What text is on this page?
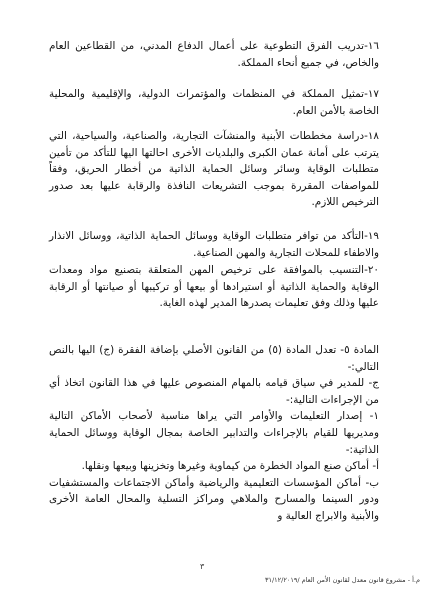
١٦-تدريب الفرق التطوعية على أعمال الدفاع المدني، من القطاعين العام والخاص، في جميع أنحاء المملكة.

١٧-تمثيل المملكة في المنظمات والمؤتمرات الدولية، والإقليمية والمحلية الخاصة بالأمن العام.

١٨-دراسة مخططات الأبنية والمنشآت التجارية، والصناعية، والسياحية، التي يترتب على أمانة عمان الكبرى والبلديات الأخرى احالتها اليها للتأكد من تأمين متطلبات الوقاية وسائر وسائل الحماية الذاتية من أخطار الحريق، وفقاً للمواصفات المقررة بموجب التشريعات النافذة والرقابة عليها بعد صدور الترخيص اللازم.

١٩-التأكد من توافر متطلبات الوقاية ووسائل الحماية الذاتية، ووسائل الانذار والاطفاء للمحلات التجارية والمهن الصناعية.

٢٠-التنسيب بالموافقة على ترخيص المهن المتعلقة بتصنيع مواد ومعدات الوقاية والحماية الذاتية أو استيرادها أو بيعها أو تركيبها أو صيانتها أو الرقابة عليها وذلك وفق تعليمات يصدرها المدير لهذه الغاية.

المادة ٥- تعدل المادة (٥) من القانون الأصلي بإضافة الفقرة (ج) اليها بالنص التالي:-

ج- للمدير في سياق قيامه بالمهام المنصوص عليها في هذا القانون اتخاذ أي من الإجراءات التالية:-

١- إصدار التعليمات والأوامر التي يراها مناسبة لأصحاب الأماكن التالية ومديريها للقيام بالإجراءات والتدابير الخاصة بمجال الوقاية ووسائل الحماية الذاتية:-

أ- أماكن صنع المواد الخطرة من كيماوية وغيرها وتخزينها وبيعها ونقلها.

ب- أماكن المؤسسات التعليمية والرياضية وأماكن الاجتماعات والمستشفيات ودور السينما والمسارح والملاهي ومراكز التسلية والمحال العامة الأخرى والأبنية والابراج العالية و

٣
م.أ - مشروع قانون معدل لقانون الأمن العام /٣١/١٢/٢٠١٩
